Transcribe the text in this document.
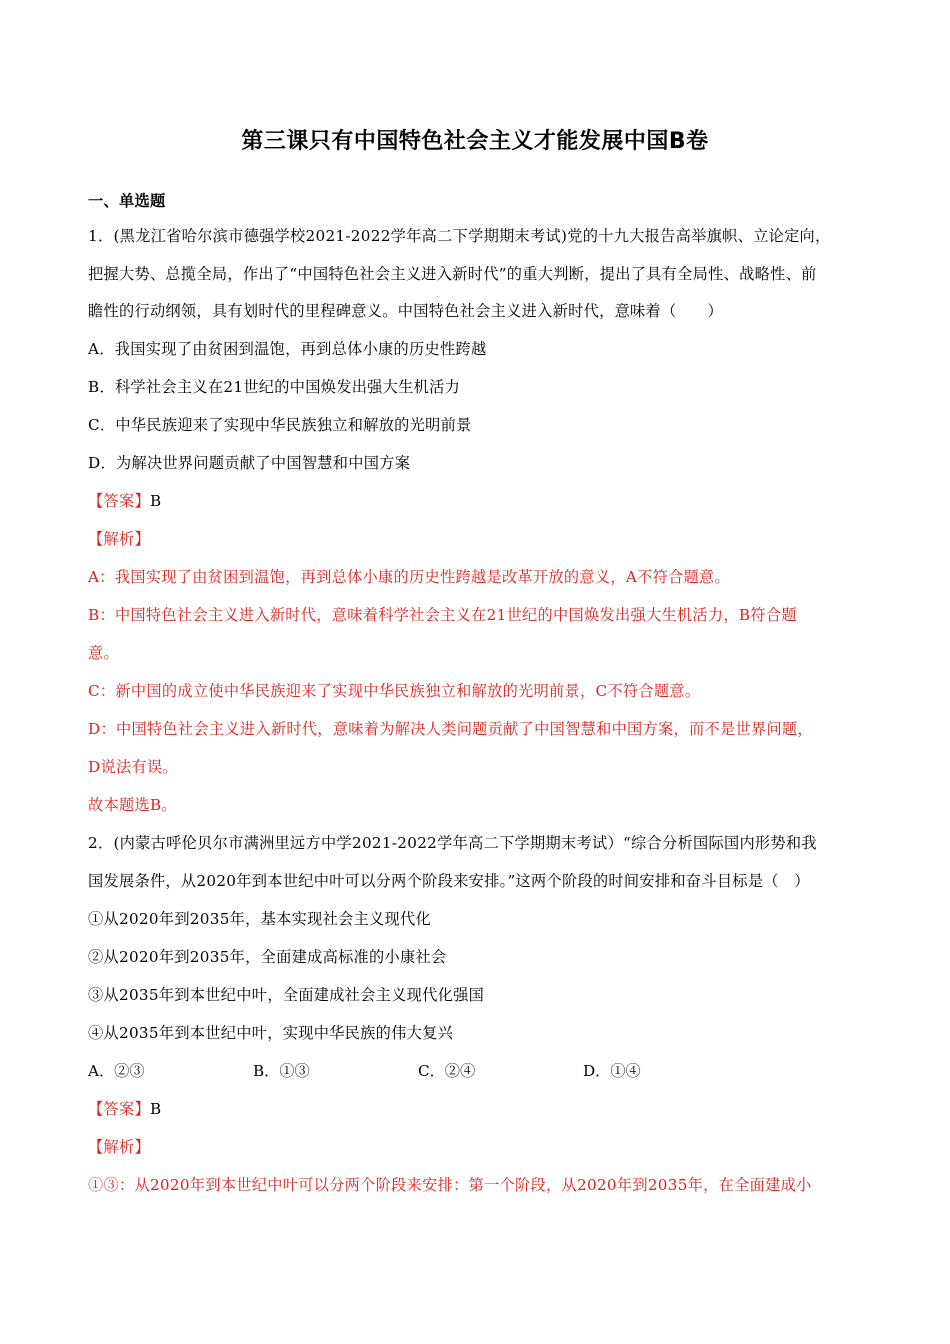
第三课只有中国特色社会主义才能发展中国B卷
一、单选题
1．(黑龙江省哈尔滨市德强学校2021-2022学年高二下学期期末考试)党的十九大报告高举旗帜、立论定向，
把握大势、总揽全局，作出了“中国特色社会主义进入新时代”的重大判断，提出了具有全局性、战略性、前
瞻性的行动纲领，具有划时代的里程碑意义。中国特色社会主义进入新时代，意味着（　　）
A．我国实现了由贫困到温饱，再到总体小康的历史性跨越
B．科学社会主义在21世纪的中国焕发出强大生机活力
C．中华民族迎来了实现中华民族独立和解放的光明前景
D．为解决世界问题贡献了中国智慧和中国方案
【答案】B
【解析】
A：我国实现了由贫困到温饱，再到总体小康的历史性跨越是改革开放的意义，A不符合题意。
B：中国特色社会主义进入新时代，意味着科学社会主义在21世纪的中国焕发出强大生机活力，B符合题
意。
C：新中国的成立使中华民族迎来了实现中华民族独立和解放的光明前景，C不符合题意。
D：中国特色社会主义进入新时代，意味着为解决人类问题贡献了中国智慧和中国方案，而不是世界问题，
D说法有误。
故本题选B。
2．(内蒙古呼伦贝尔市满洲里远方中学2021-2022学年高二下学期期末考试）“综合分析国际国内形势和我
国发展条件，从2020年到本世纪中叶可以分两个阶段来安排。”这两个阶段的时间安排和奋斗目标是（　）
①从2020年到2035年，基本实现社会主义现代化
②从2020年到2035年，全面建成高标准的小康社会
③从2035年到本世纪中叶，全面建成社会主义现代化强国
④从2035年到本世纪中叶，实现中华民族的伟大复兴
A．②③	B．①③	C．②④	D．①④
【答案】B
【解析】
①③：从2020年到本世纪中叶可以分两个阶段来安排：第一个阶段，从2020年到2035年，在全面建成小
